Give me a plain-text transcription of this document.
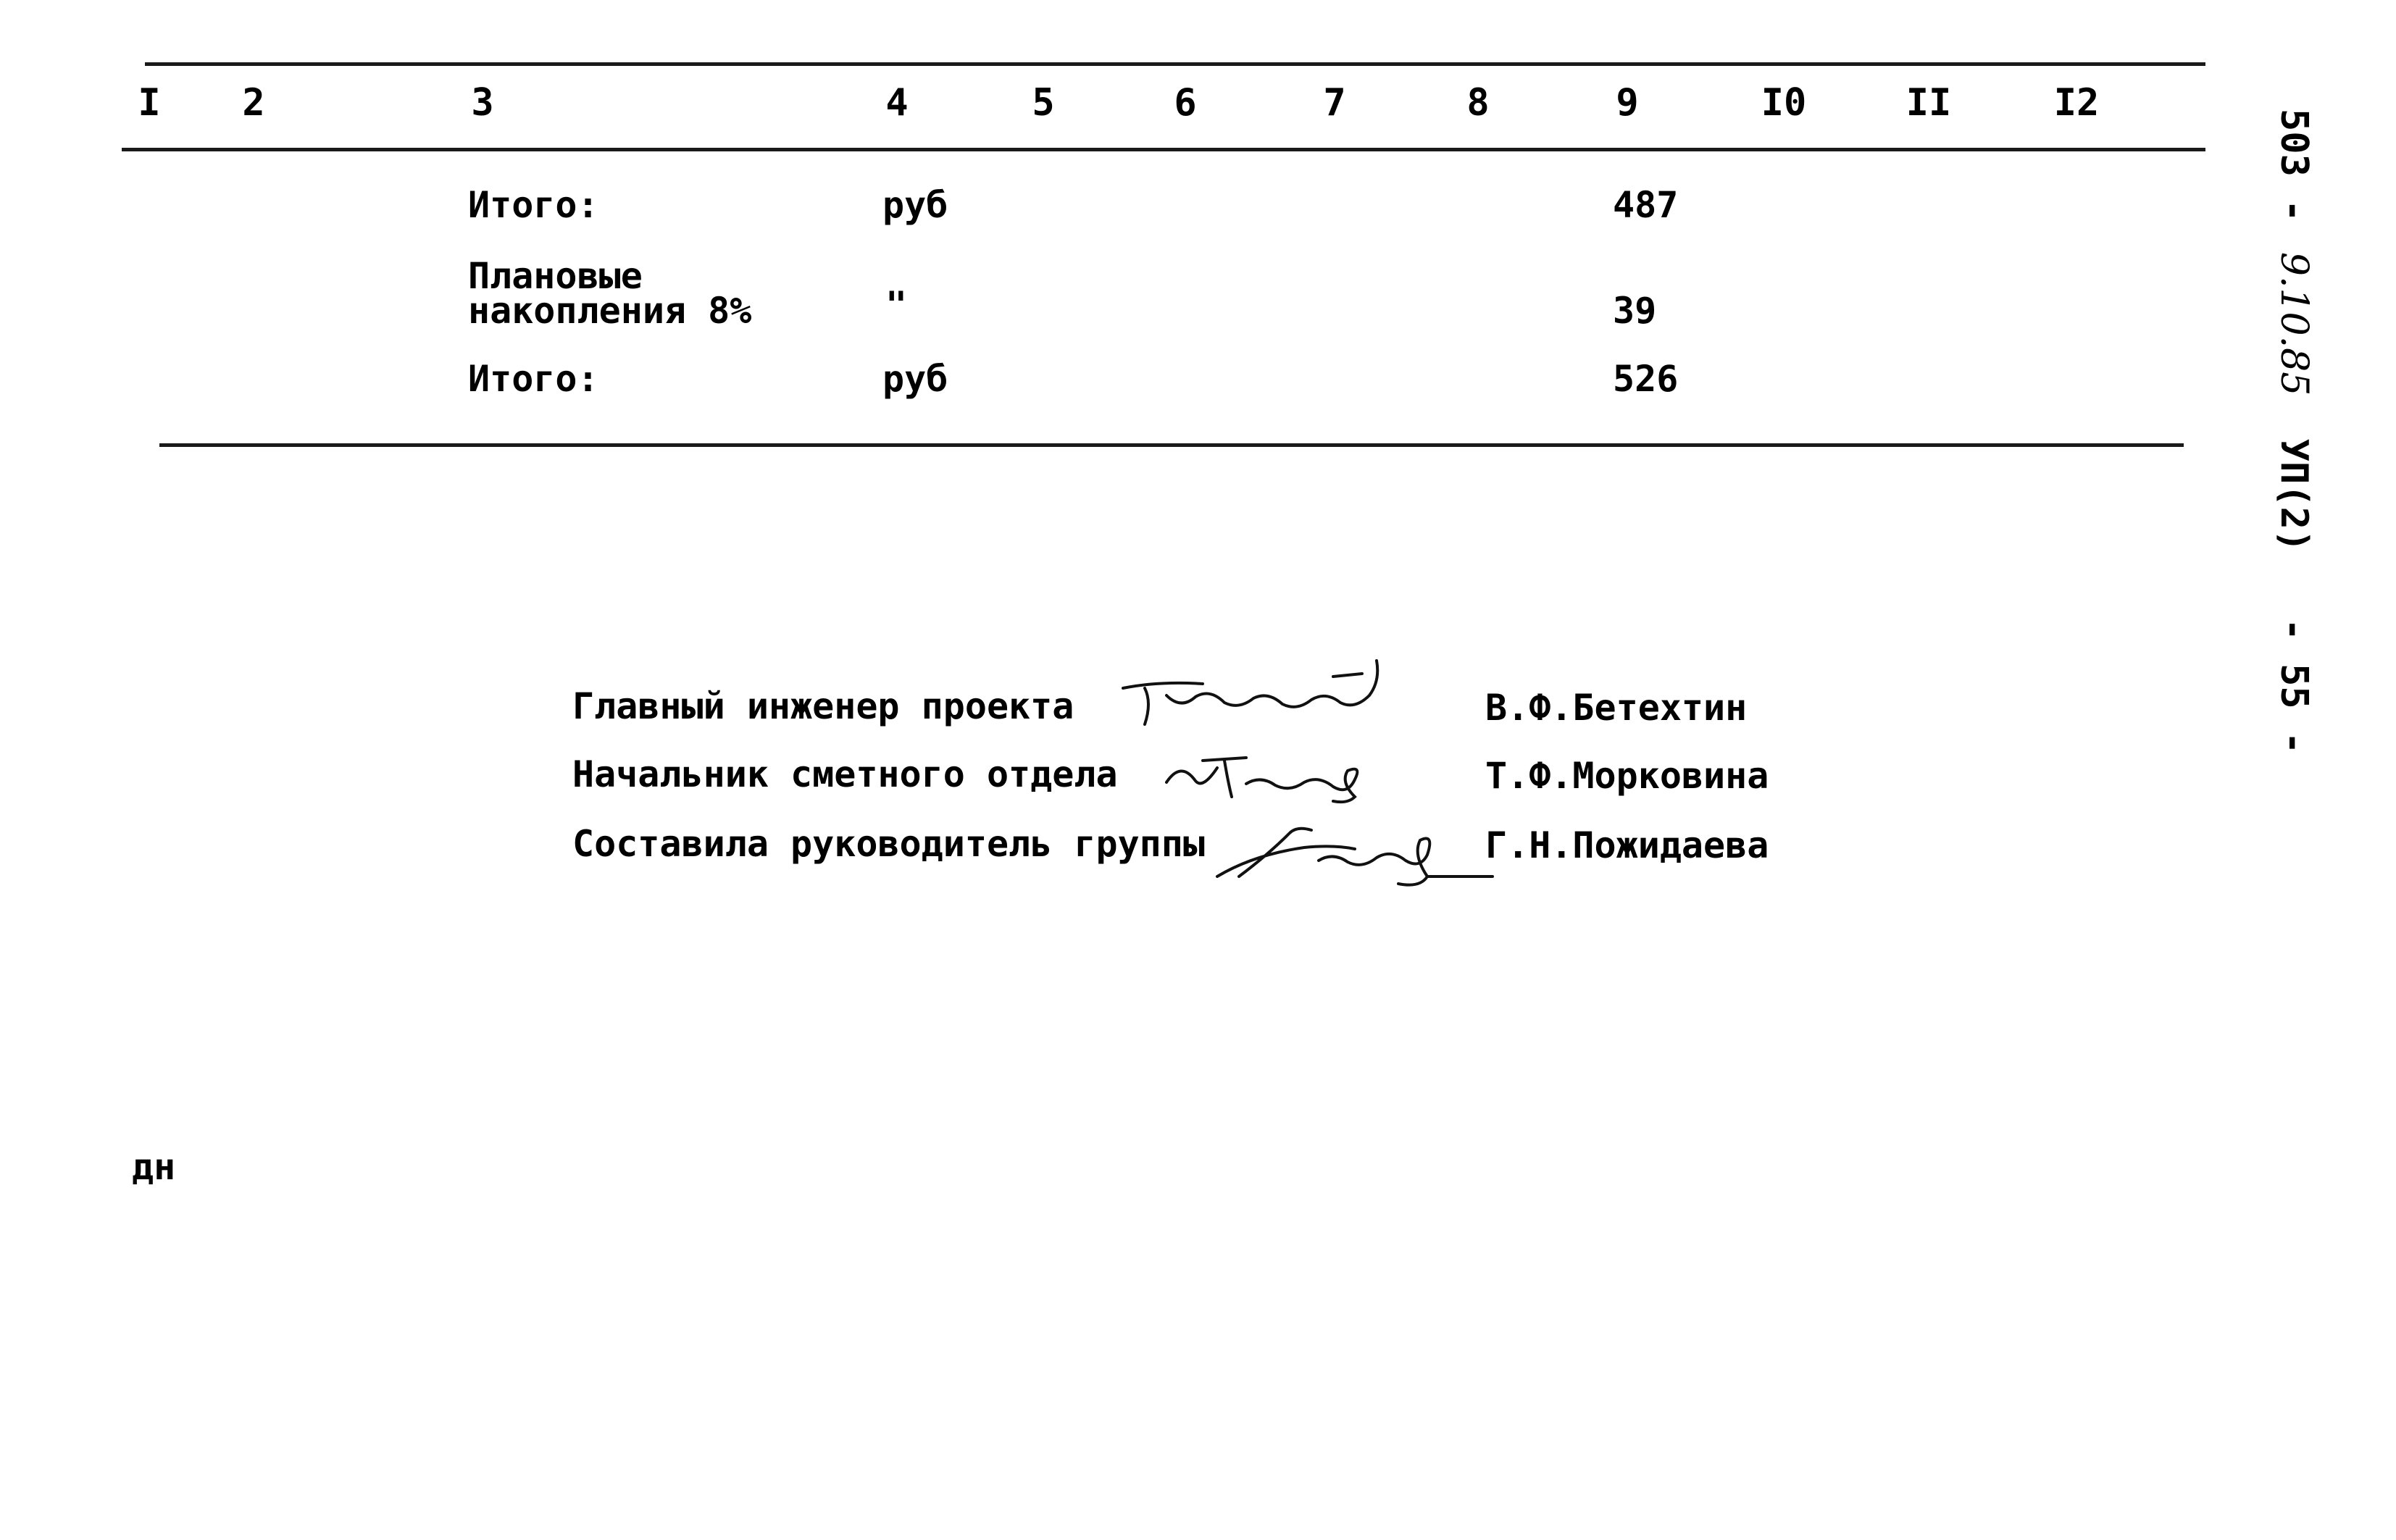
I 2	3	4	5	6	7	8	9	I0	II	I2
Итого:	руб	487
Плановые
накопления 8%	"	39
Итого:	руб	526
Главный инженер проекта	В.Ф.Бетехтин
Начальник сметного отдела	Т.Ф.Морковина
Составила руководитель группы	Г.Н.Пожидаева
дн
503 - 9.10.85 УП(2) - 55 -
